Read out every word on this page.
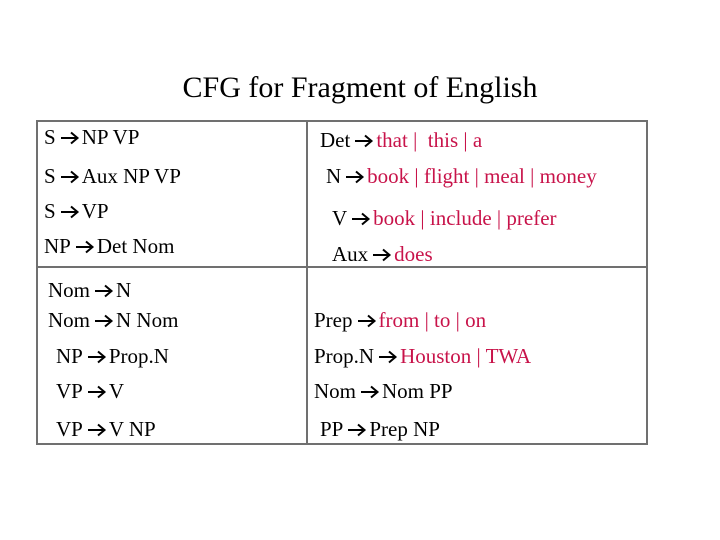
CFG for Fragment of English
S NP VP
S Aux NP VP
S VP
NP Det Nom
Nom N
Nom N Nom
NP Prop.N
VP V
VP V NP
Det that |  this | a
N book | flight | meal | money
V book | include | prefer
Aux does
Prep from | to | on
Prop.N Houston | TWA
Nom Nom PP
PP Prep NP
